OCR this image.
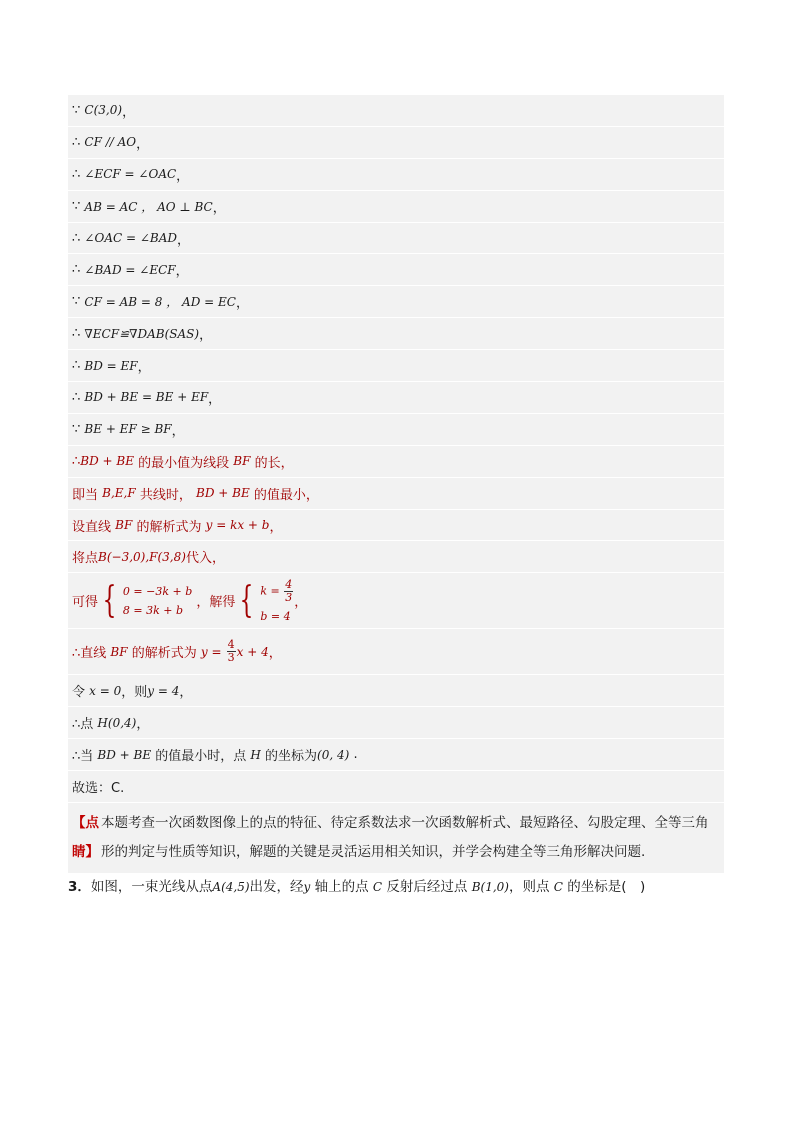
∵
C(3,0) ，
∴
CF // AO ，
∴
∠ECF = ∠OAC ，
∵
AB = AC ， AO ⊥ BC ，
∴
∠OAC = ∠BAD ，
∴
∠BAD = ∠ECF ，
∵
CF = AB = 8 ， AD = EC ，
∴
∇ECF≌∇DAB(SAS) ，
∴
BD = EF ，
∴
BD + BE = BE + EF ，
∵
BE + EF ≥ BF ，
∴ BD + BE
的最小值为线段
BF
的长，
即当
B,E,F
共线时，
BD + BE
的值最小，
设直线
BF
的解析式为
y = kx + b ，
将点 B(−3,0),F(3,8) 代入，
可得 { 0 = −3k + b
8 = 3k + b
	，解得 { $k = \frac{4}{3}$
b = 4
，
∴直线
BF
的解析式为
y =
$\frac{4}{3}$ x + 4 ，
令
x = 0 ，则 y = 4 ，
∴点
H(0,4) ，
∴当
BD + BE
的值最小时，点
H
的坐标为 (0, 4)
.
故选：C.
【点睛】
本题考查一次函数图像上的点的特征、待定系数法求一次函数解析式、最短路径、勾股定理、全等三角形的判定与性质等知识，解题的关键是灵活运用相关知识，并学会构建全等三角形解决问题.
3．如图，一束光线从点A(4,5)出发，经y 轴上的点 C 反射后经过点 B(1,0)，则点 C 的坐标是(　)
